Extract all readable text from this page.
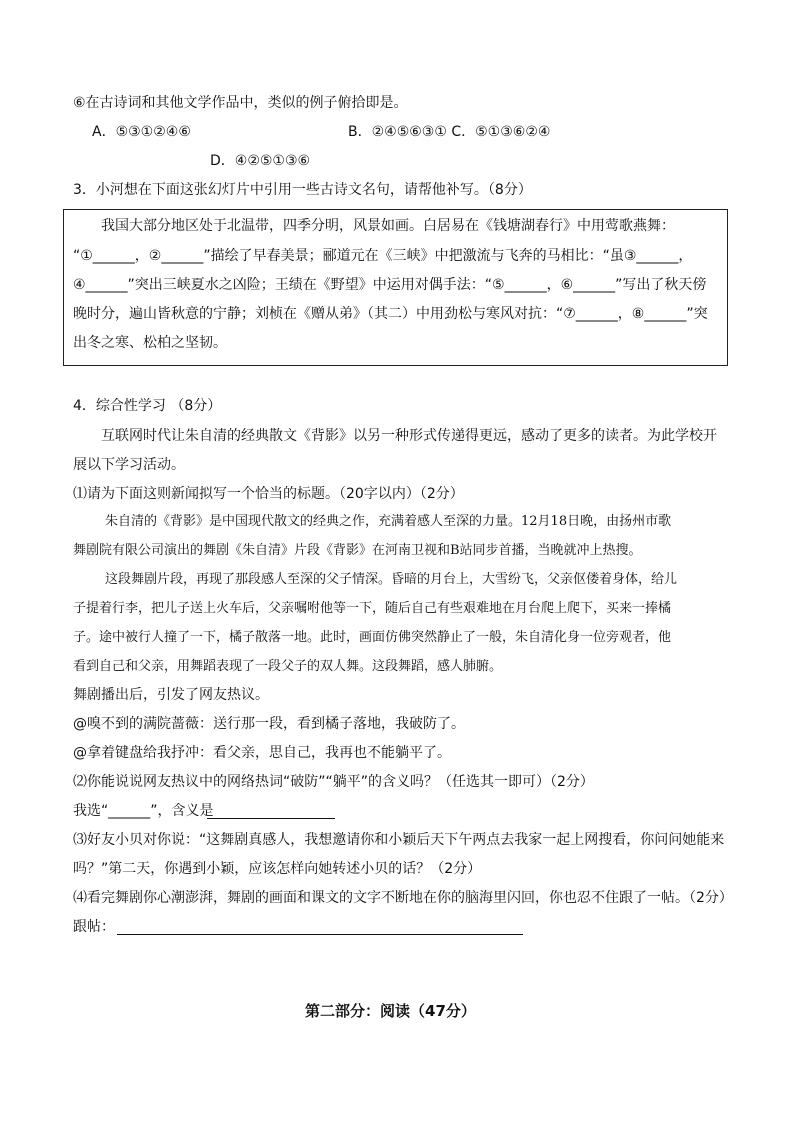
⑥在古诗词和其他文学作品中，类似的例子俯拾即是。
A．⑤③①②④⑥	B．②④⑤⑥③① C．⑤①③⑥②④
D．④②⑤①③⑥
3．小河想在下面这张幻灯片中引用一些古诗文名句，请帮他补写。（8分）
我国大部分地区处于北温带，四季分明，风景如画。白居易在《钱塘湖春行》中用莺歌燕舞：
“①______，②______”描绘了早春美景；郦道元在《三峡》中把激流与飞奔的马相比：“虽③______，
④______”突出三峡夏水之凶险；王绩在《野望》中运用对偶手法：“⑤______，⑥______”写出了秋天傍
晚时分，遍山皆秋意的宁静；刘桢在《赠从弟》（其二）中用劲松与寒风对抗：“⑦______，⑧______”突
出冬之寒、松柏之坚韧。
4．综合性学习 （8分）
互联网时代让朱自清的经典散文《背影》以另一种形式传递得更远，感动了更多的读者。为此学校开
展以下学习活动。
⑴请为下面这则新闻拟写一个恰当的标题。（20字以内）（2分）
朱自清的《背影》是中国现代散文的经典之作，充满着感人至深的力量。12月18日晚，由扬州市歌
舞剧院有限公司演出的舞剧《朱自清》片段《背影》在河南卫视和B站同步首播，当晚就冲上热搜。
这段舞剧片段，再现了那段感人至深的父子情深。昏暗的月台上，大雪纷飞，父亲伛偻着身体，给儿
子提着行李，把儿子送上火车后，父亲嘱咐他等一下，随后自己有些艰难地在月台爬上爬下，买来一捧橘
子。途中被行人撞了一下，橘子散落一地。此时，画面仿佛突然静止了一般，朱自清化身一位旁观者，他
看到自己和父亲，用舞蹈表现了一段父子的双人舞。这段舞蹈，感人肺腑。
舞剧播出后，引发了网友热议。
@嗅不到的满院蔷薇：送行那一段，看到橘子落地，我破防了。
@拿着键盘给我抒冲：看父亲，思自己，我再也不能躺平了。
⑵你能说说网友热议中的网络热词“破防”“躺平”的含义吗？（任选其一即可）（2分）
我选“______”，含义是
⑶好友小贝对你说：“这舞剧真感人，我想邀请你和小颖后天下午两点去我家一起上网搜看，你问问她能来
吗？”第二天，你遇到小颖，应该怎样向她转述小贝的话？（2分）
⑷看完舞剧你心潮澎湃，舞剧的画面和课文的文字不断地在你的脑海里闪回，你也忍不住跟了一帖。（2分）
跟帖：
第二部分：阅读（47分）
